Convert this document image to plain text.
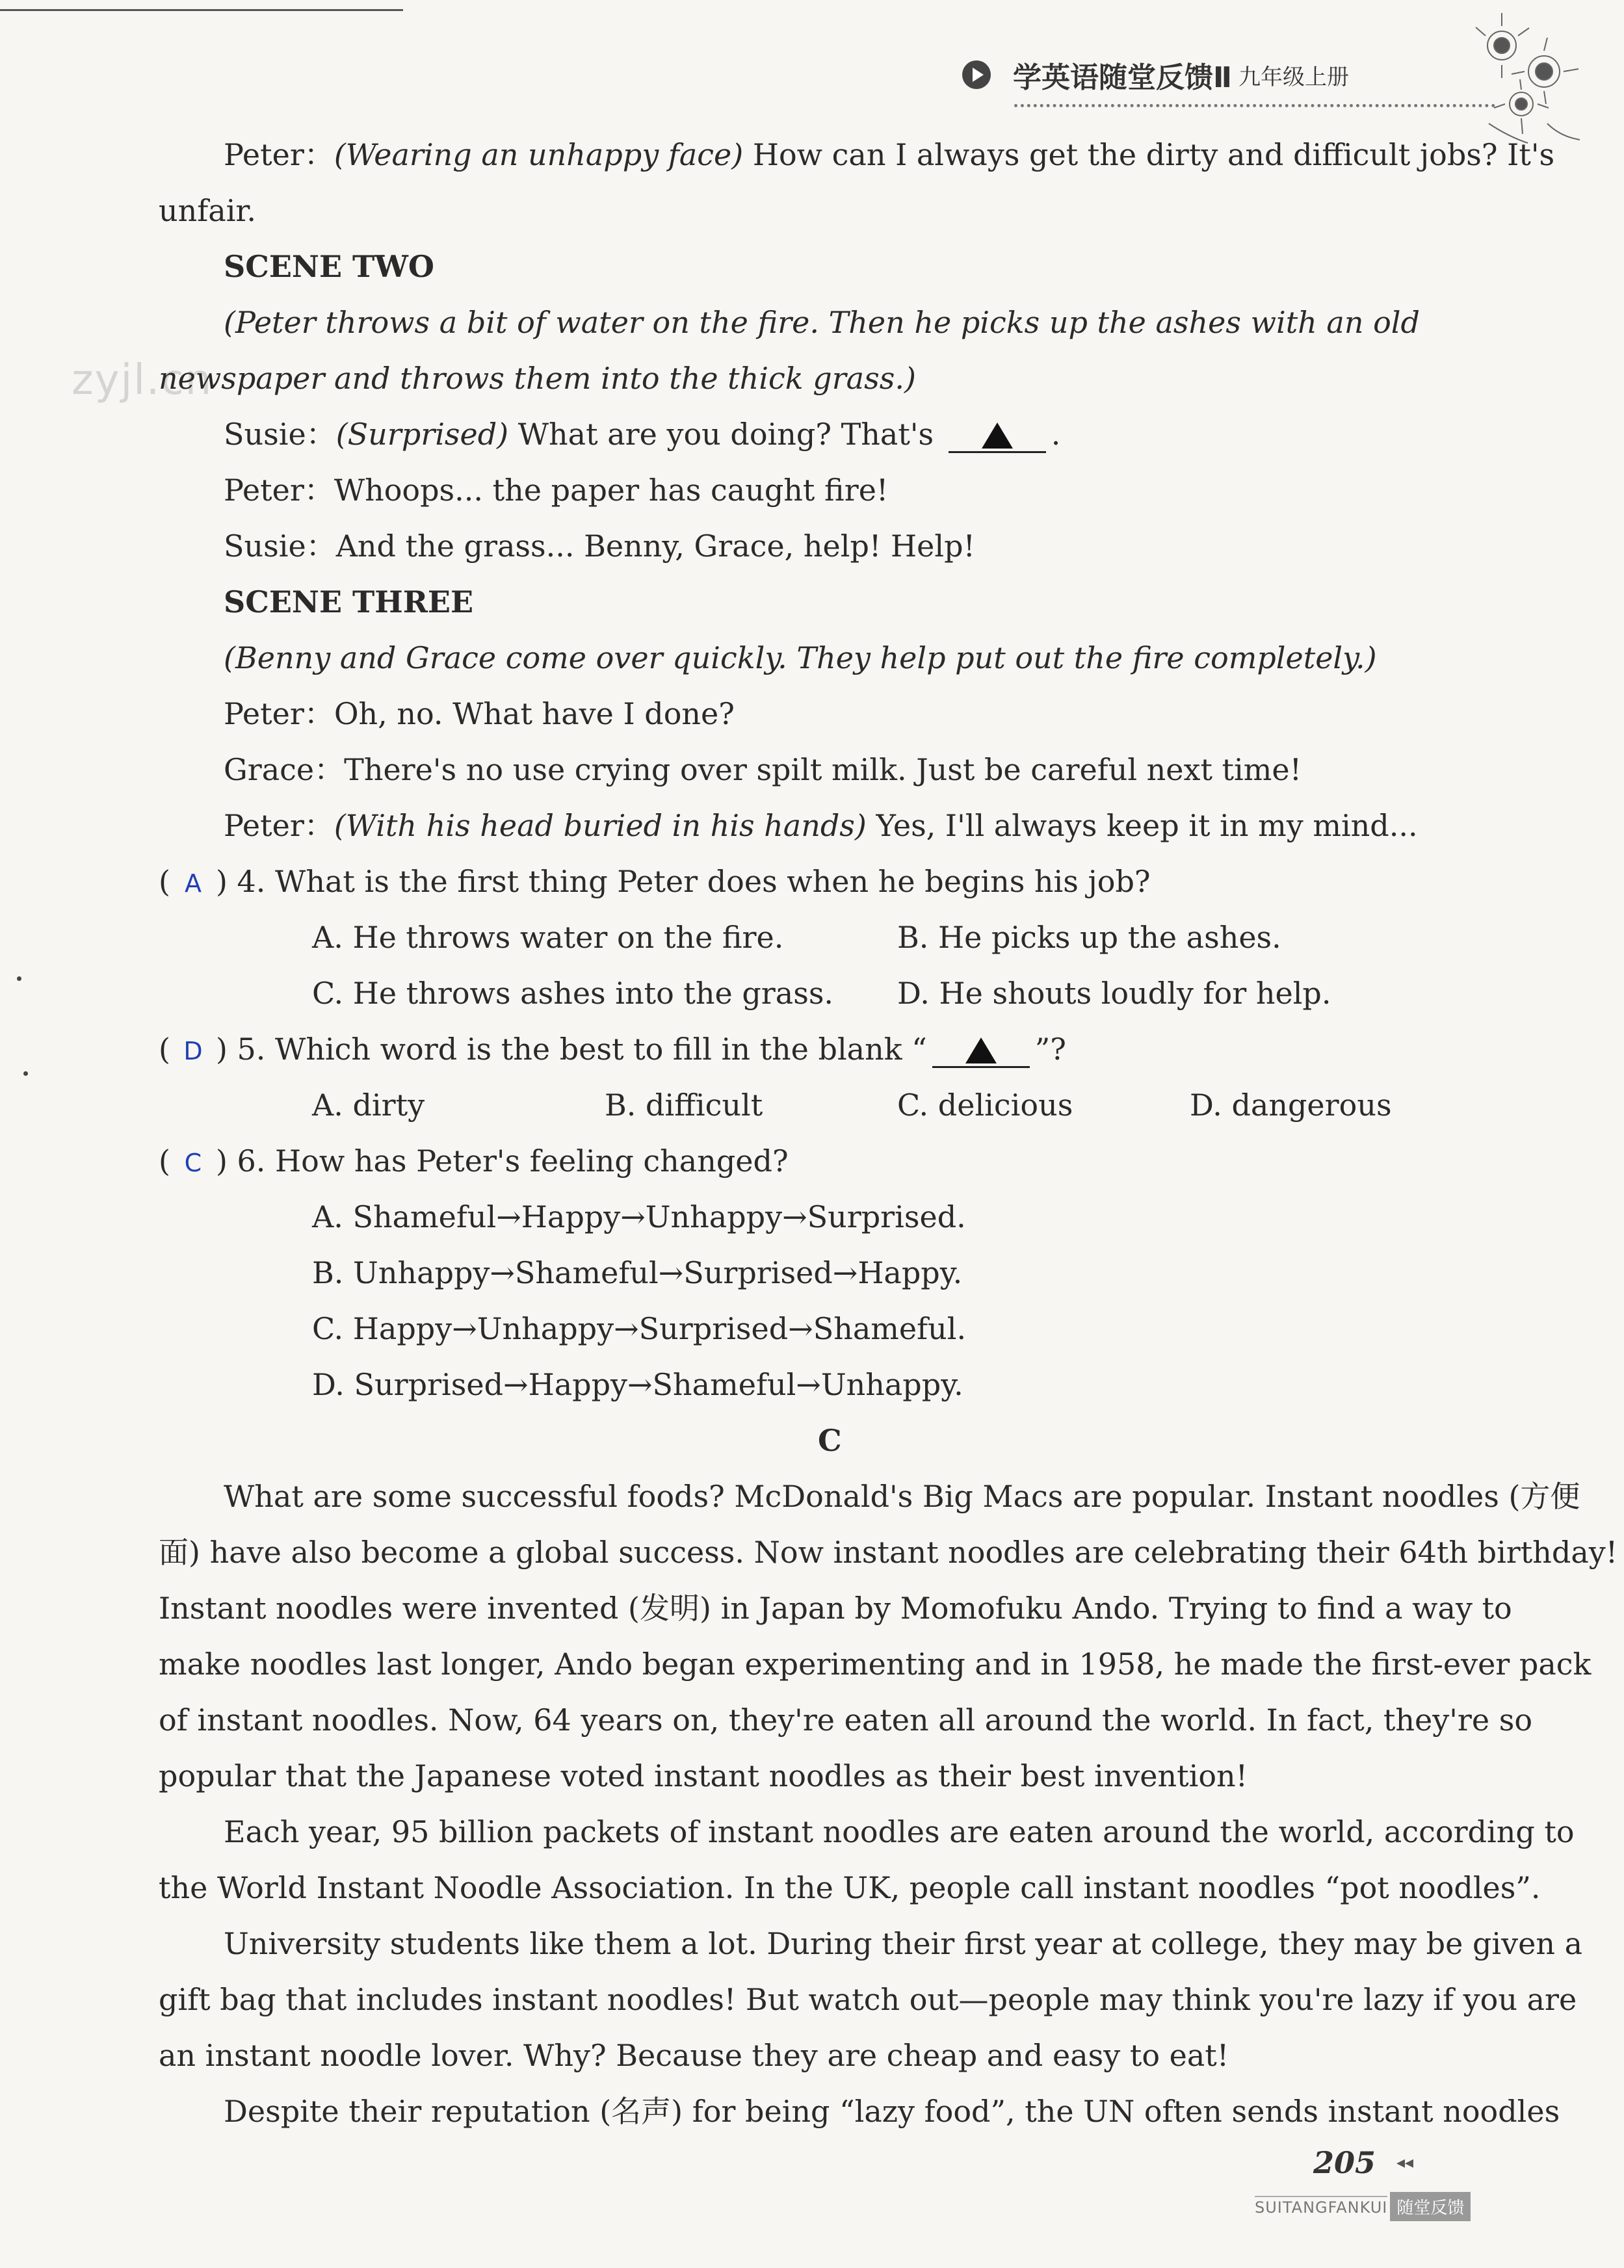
学英语随堂反馈Ⅱ 九年级上册
zyjl.cn
Peter：(Wearing an unhappy face) How can I always get the dirty and difficult jobs? It's
unfair.
SCENE TWO
(Peter throws a bit of water on the fire. Then he picks up the ashes with an old
newspaper and throws them into the thick grass.)
Susie：(Surprised) What are you doing? That's	.
Peter：Whoops... the paper has caught fire!
Susie：And the grass... Benny, Grace, help! Help!
SCENE THREE
(Benny and Grace come over quickly. They help put out the fire completely.)
Peter：Oh, no. What have I done?
Grace：There's no use crying over spilt milk. Just be careful next time!
Peter：(With his head buried in his hands) Yes, I'll always keep it in my mind...
( A ) 4. What is the first thing Peter does when he begins his job?
A. He throws water on the fire.	B. He picks up the ashes.
C. He throws ashes into the grass. D. He shouts loudly for help.
( D ) 5. Which word is the best to fill in the blank “	”?
A. dirty	B. difficult	C. delicious	D. dangerous
( C ) 6. How has Peter's feeling changed?
A. Shameful→Happy→Unhappy→Surprised.
B. Unhappy→Shameful→Surprised→Happy.
C. Happy→Unhappy→Surprised→Shameful.
D. Surprised→Happy→Shameful→Unhappy.
C
What are some successful foods? McDonald's Big Macs are popular. Instant noodles (方便
面) have also become a global success. Now instant noodles are celebrating their 64th birthday!
Instant noodles were invented (发明) in Japan by Momofuku Ando. Trying to find a way to
make noodles last longer, Ando began experimenting and in 1958, he made the first-ever pack
of instant noodles. Now, 64 years on, they're eaten all around the world. In fact, they're so
popular that the Japanese voted instant noodles as their best invention!
Each year, 95 billion packets of instant noodles are eaten around the world, according to
the World Instant Noodle Association. In the UK, people call instant noodles “pot noodles”.
University students like them a lot. During their first year at college, they may be given a
gift bag that includes instant noodles! But watch out—people may think you're lazy if you are
an instant noodle lover. Why? Because they are cheap and easy to eat!
Despite their reputation (名声) for being “lazy food”, the UN often sends instant noodles
205 ◂◂
SUITANGFANKUI 随堂反馈
